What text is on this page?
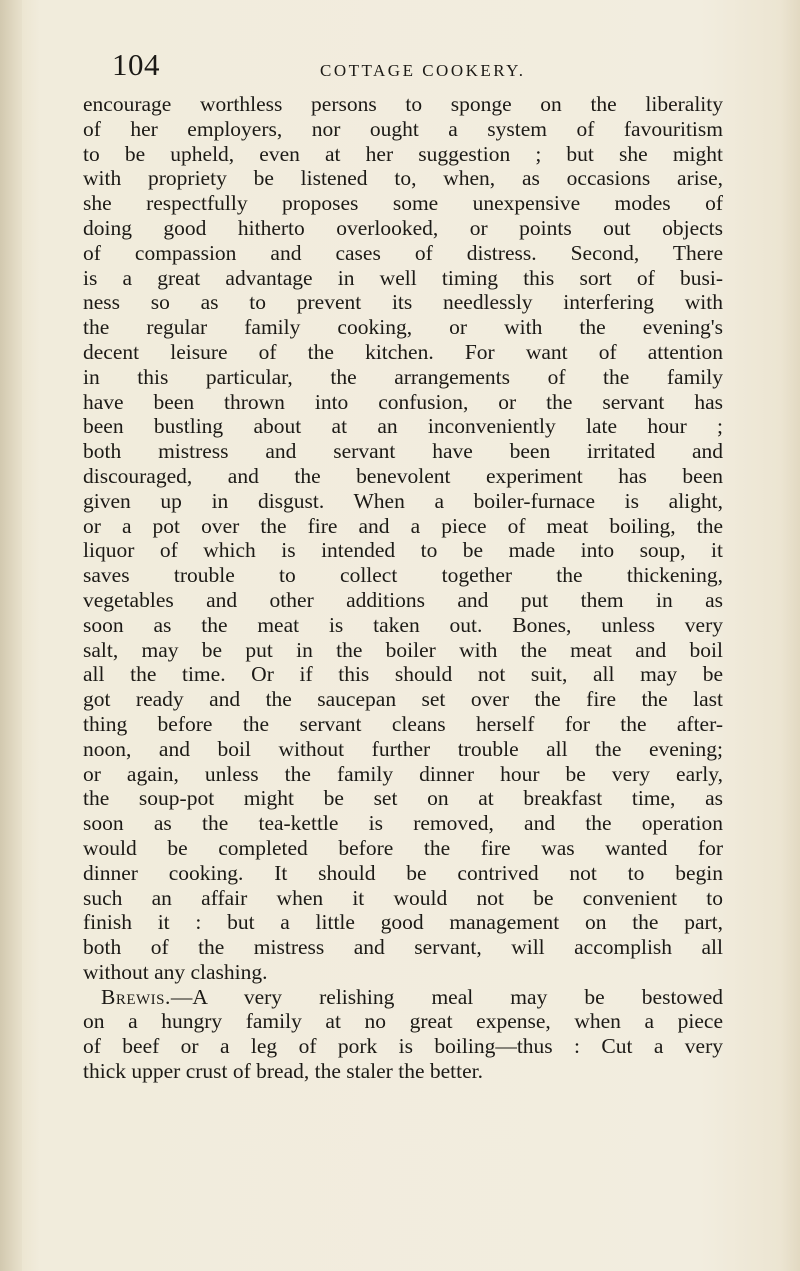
104	COTTAGE COOKERY.
encourage worthless persons to sponge on the liberality
of her employers, nor ought a system of favouritism
to be upheld, even at her suggestion ; but she might
with propriety be listened to, when, as occasions arise,
she respectfully proposes some unexpensive modes of
doing good hitherto overlooked, or points out objects
of compassion and cases of distress. Second, There
is a great advantage in well timing this sort of busi-
ness so as to prevent its needlessly interfering with
the regular family cooking, or with the evening's
decent leisure of the kitchen. For want of attention
in this particular, the arrangements of the family
have been thrown into confusion, or the servant has
been bustling about at an inconveniently late hour ;
both mistress and servant have been irritated and
discouraged, and the benevolent experiment has been
given up in disgust. When a boiler-furnace is alight,
or a pot over the fire and a piece of meat boiling, the
liquor of which is intended to be made into soup, it
saves trouble to collect together the thickening,
vegetables and other additions and put them in as
soon as the meat is taken out. Bones, unless very
salt, may be put in the boiler with the meat and boil
all the time. Or if this should not suit, all may be
got ready and the saucepan set over the fire the last
thing before the servant cleans herself for the after-
noon, and boil without further trouble all the evening;
or again, unless the family dinner hour be very early,
the soup-pot might be set on at breakfast time, as
soon as the tea-kettle is removed, and the operation
would be completed before the fire was wanted for
dinner cooking. It should be contrived not to begin
such an affair when it would not be convenient to
finish it : but a little good management on the part,
both of the mistress and servant, will accomplish all
without any clashing.
Brewis.—A very relishing meal may be bestowed
on a hungry family at no great expense, when a piece
of beef or a leg of pork is boiling—thus : Cut a very
thick upper crust of bread, the staler the better.
